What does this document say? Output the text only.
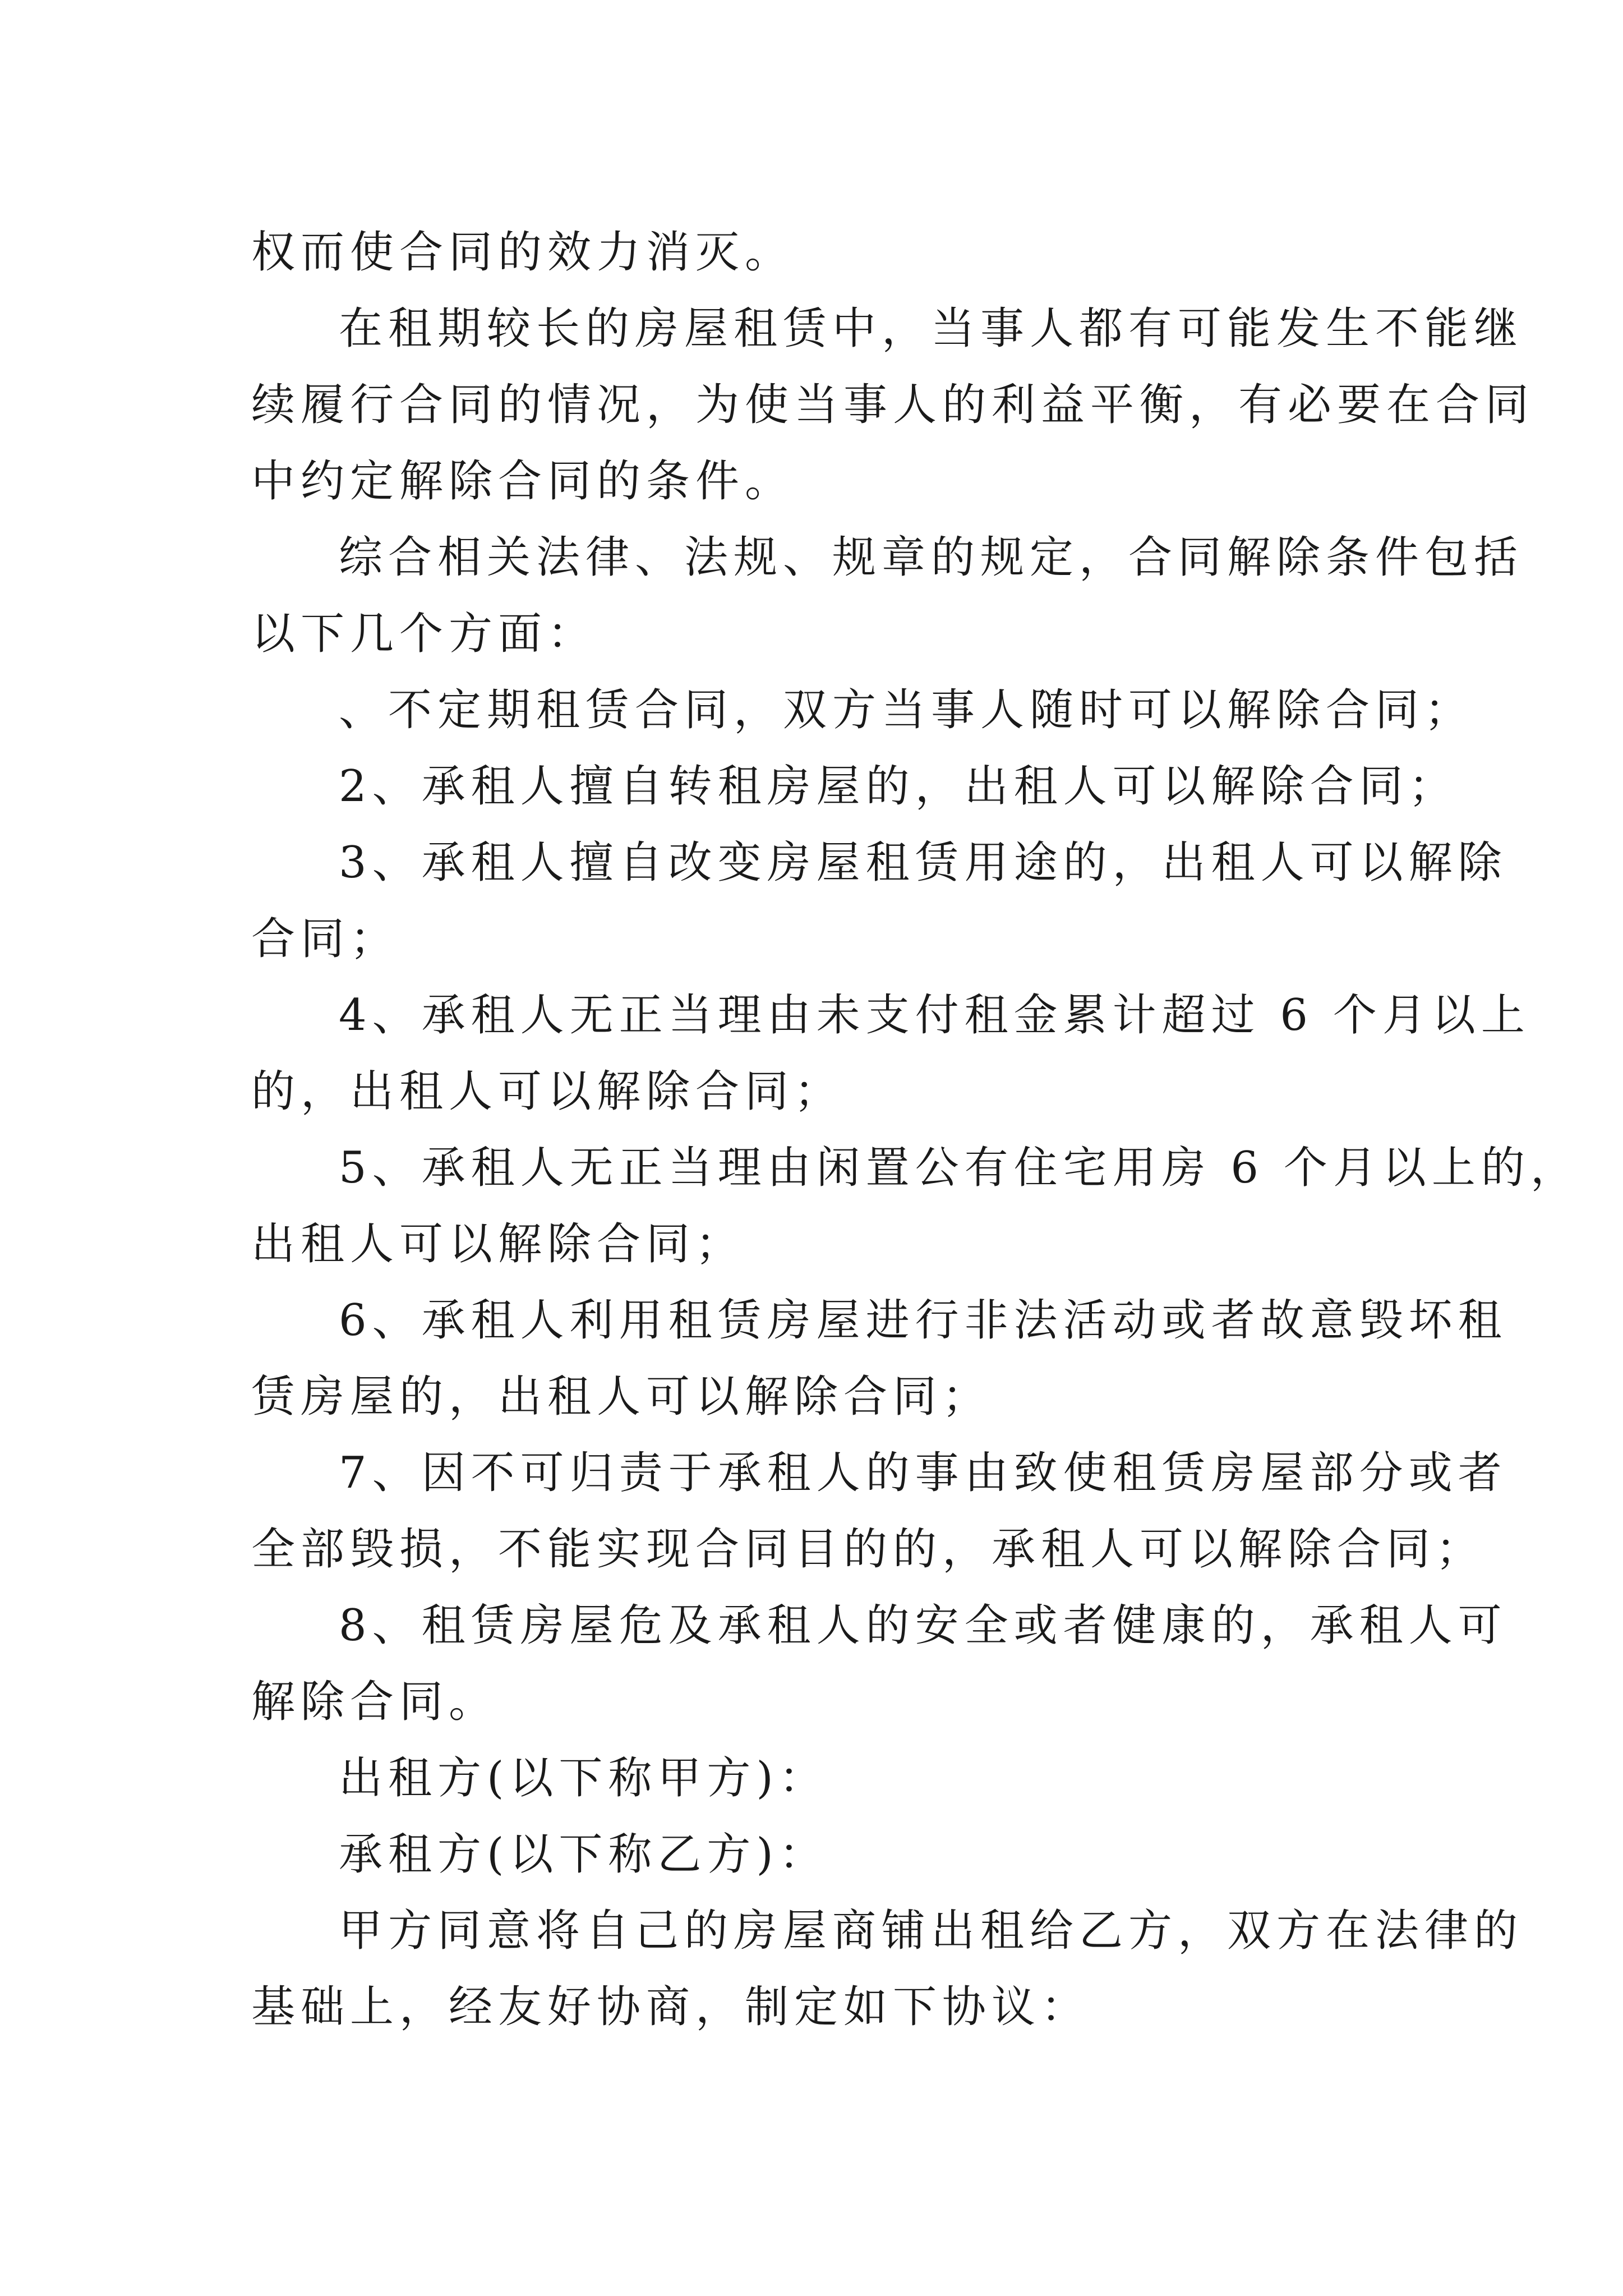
权而使合同的效力消灭。
在租期较长的房屋租赁中，当事人都有可能发生不能继
续履行合同的情况，为使当事人的利益平衡，有必要在合同
中约定解除合同的条件。
综合相关法律、法规、规章的规定，合同解除条件包括
以下几个方面：
、不定期租赁合同，双方当事人随时可以解除合同；
2、承租人擅自转租房屋的，出租人可以解除合同；
3、承租人擅自改变房屋租赁用途的，出租人可以解除
合同；
4、承租人无正当理由未支付租金累计超过 6 个月以上
的，出租人可以解除合同；
5、承租人无正当理由闲置公有住宅用房 6 个月以上的，
出租人可以解除合同；
6、承租人利用租赁房屋进行非法活动或者故意毁坏租
赁房屋的，出租人可以解除合同；
7、因不可归责于承租人的事由致使租赁房屋部分或者
全部毁损，不能实现合同目的的，承租人可以解除合同；
8、租赁房屋危及承租人的安全或者健康的，承租人可
解除合同。
出租方(以下称甲方)：
承租方(以下称乙方)：
甲方同意将自己的房屋商铺出租给乙方，双方在法律的
基础上，经友好协商，制定如下协议：
